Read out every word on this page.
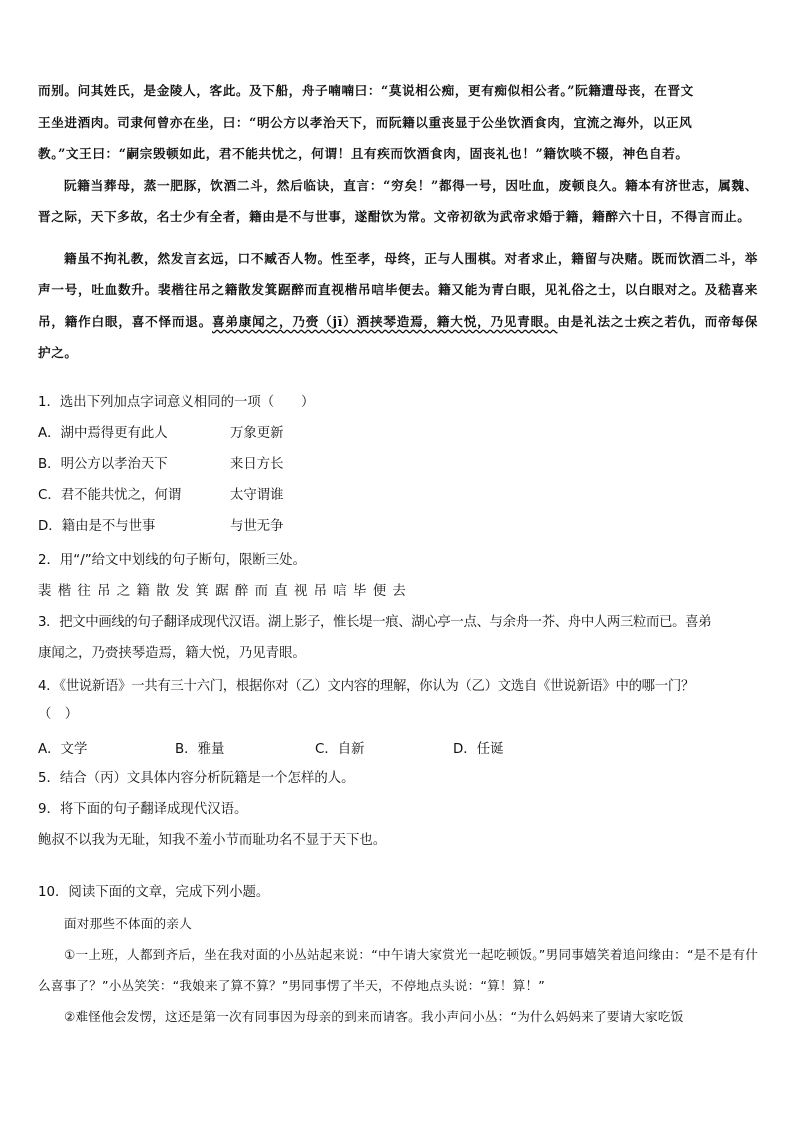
而别。问其姓氏，是金陵人，客此。及下船，舟子喃喃曰：“莫说相公痴，更有痴似相公者。”阮籍遭母丧，在晋文
王坐进酒肉。司隶何曾亦在坐，曰：“明公方以孝治天下，而阮籍以重丧显于公坐饮酒食肉，宜流之海外，以正风
教。”文王曰：“嗣宗毁顿如此，君不能共忧之，何谓！且有疾而饮酒食肉，固丧礼也！”籍饮啖不辍，神色自若。

阮籍当葬母，蒸一肥豚，饮酒二斗，然后临诀，直言：“穷矣！”都得一号，因吐血，废顿良久。籍本有济世志，属魏、晋之际，天下多故，名士少有全者，籍由是不与世事，遂酣饮为常。文帝初欲为武帝求婚于籍，籍醉六十日，不得言而止。

籍虽不拘礼教，然发言玄远，口不臧否人物。性至孝，母终，正与人围棋。对者求止，籍留与决赌。既而饮酒二斗，举声一号，吐血数升。裴楷往吊之籍散发箕踞醉而直视楷吊唁毕便去。籍又能为青白眼，见礼俗之士，以白眼对之。及嵇喜来吊，籍作白眼，喜不怿而退。喜弟康闻之，乃赍（jī）酒挟琴造焉，籍大悦，乃见青眼。由是礼法之士疾之若仇，而帝每保护之。

1．选出下列加点字词意义相同的一项（　　）

A．湖中焉得更有此人	万象更新
B．明公方以孝治天下	来日方长
C．君不能共忧之，何谓	太守谓谁
D．籍由是不与世事	与世无争

2．用“/”给文中划线的句子断句，限断三处。

裴楷往吊之籍散发箕踞醉而直视吊唁毕便去

3．把文中画线的句子翻译成现代汉语。湖上影子，惟长堤一痕、湖心亭一点、与余舟一芥、舟中人两三粒而已。喜弟

康闻之，乃赍挟琴造焉，籍大悦，乃见青眼。

4．《世说新语》一共有三十六门，根据你对（乙）文内容的理解，你认为（乙）文选自《世说新语》中的哪一门？

（　）

A．文学	B．雅量	C．自新	D．任诞

5．结合（丙）文具体内容分析阮籍是一个怎样的人。

9．将下面的句子翻译成现代汉语。

鲍叔不以我为无耻，知我不羞小节而耻功名不显于天下也。

10．阅读下面的文章，完成下列小题。

面对那些不体面的亲人

①一上班，人都到齐后，坐在我对面的小丛站起来说：“中午请大家赏光一起吃顿饭。”男同事嬉笑着追问缘由：“是不是有什么喜事了？”小丛笑笑：“我娘来了算不算？”男同事愣了半天，不停地点头说：“算！算！”

②难怪他会发愣，这还是第一次有同事因为母亲的到来而请客。我小声问小丛：“为什么妈妈来了要请大家吃饭
